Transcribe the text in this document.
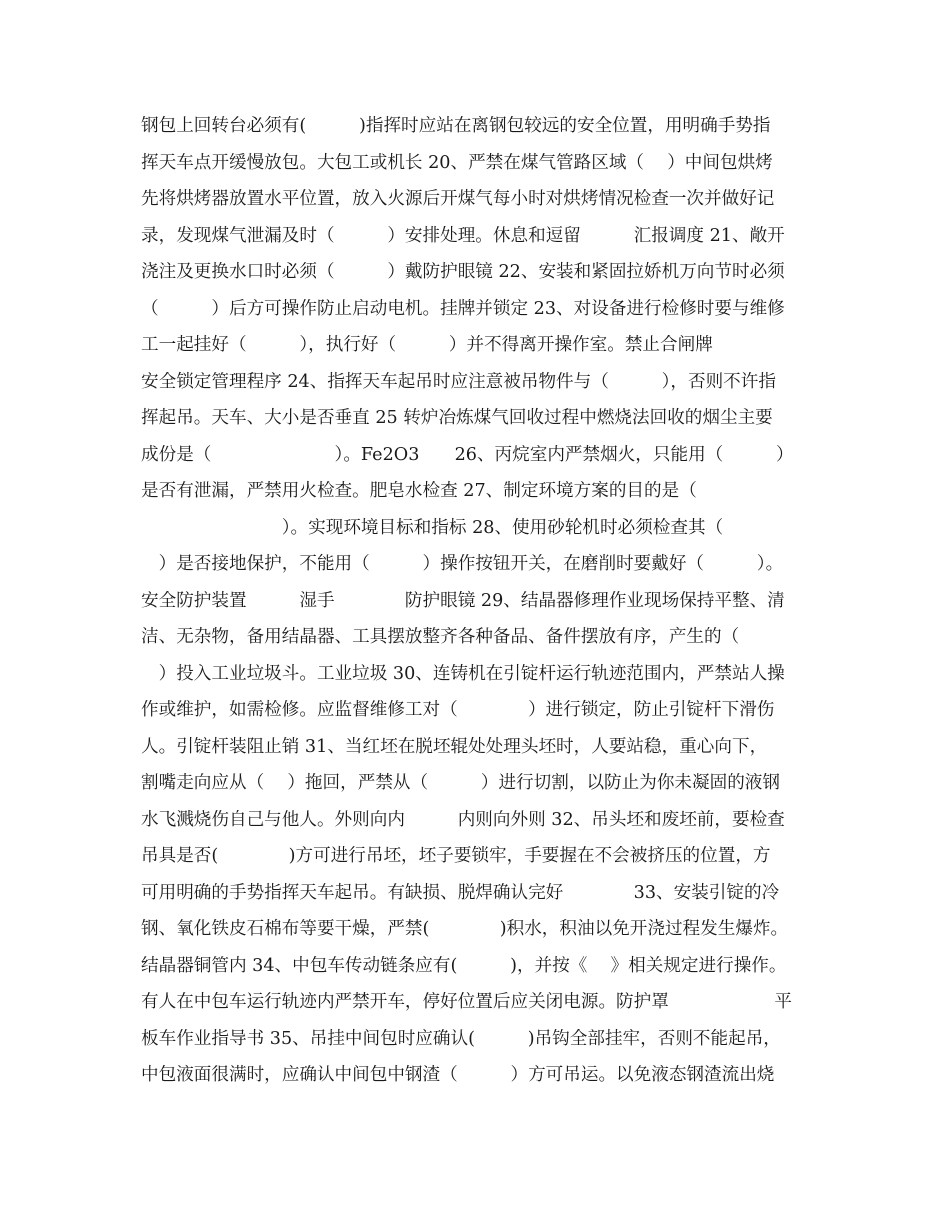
钢包上回转台必须有(　　　)指挥时应站在离钢包较远的安全位置，用明确手势指
挥天车点开缓慢放包。大包工或机长 20、严禁在煤气管路区域（　 ）中间包烘烤
先将烘烤器放置水平位置，放入火源后开煤气每小时对烘烤情况检查一次并做好记
录，发现煤气泄漏及时（　　　）安排处理。休息和逗留　　　汇报调度 21、敞开
浇注及更换水口时必须（　　　）戴防护眼镜 22、安装和紧固拉娇机万向节时必须
（　　　）后方可操作防止启动电机。挂牌并锁定 23、对设备进行检修时要与维修
工一起挂好（　　　），执行好（　　　）并不得离开操作室。禁止合闸牌
安全锁定管理程序 24、指挥天车起吊时应注意被吊物件与（　　　），否则不许指
挥起吊。天车、大小是否垂直 25 转炉冶炼煤气回收过程中燃烧法回收的烟尘主要
成份是（　　　　　　　）。Fe2O3　　26、丙烷室内严禁烟火，只能用（　　　）
是否有泄漏，严禁用火检查。肥皂水检查 27、制定环境方案的目的是（
　　　　　　　　）。实现环境目标和指标 28、使用砂轮机时必须检查其（
　）是否接地保护，不能用（　　　）操作按钮开关，在磨削时要戴好（　　　）。
安全防护装置　　　湿手　　　　防护眼镜 29、结晶器修理作业现场保持平整、清
洁、无杂物，备用结晶器、工具摆放整齐各种备品、备件摆放有序，产生的（
　）投入工业垃圾斗。工业垃圾 30、连铸机在引锭杆运行轨迹范围内，严禁站人操
作或维护，如需检修。应监督维修工对（　　　　）进行锁定，防止引锭杆下滑伤
人。引锭杆装阻止销 31、当红坯在脱坯辊处处理头坯时，人要站稳，重心向下，
割嘴走向应从（　 ）拖回，严禁从（　　　）进行切割，以防止为你未凝固的液钢
水飞溅烧伤自己与他人。外则向内　　　内则向外则 32、吊头坯和废坯前，要检查
吊具是否(　　　　)方可进行吊坯，坯子要锁牢，手要握在不会被挤压的位置，方
可用明确的手势指挥天车起吊。有缺损、脱焊确认完好　　　　33、安装引锭的冷
钢、氧化铁皮石棉布等要干燥，严禁(　　　　)积水，积油以免开浇过程发生爆炸。
结晶器铜管内 34、中包车传动链条应有(　　　)，并按《　 》相关规定进行操作。
有人在中包车运行轨迹内严禁开车，停好位置后应关闭电源。防护罩　　　　　　平
板车作业指导书 35、吊挂中间包时应确认(　　　)吊钩全部挂牢，否则不能起吊，
中包液面很满时，应确认中间包中钢渣（　　　）方可吊运。以免液态钢渣流出烧
